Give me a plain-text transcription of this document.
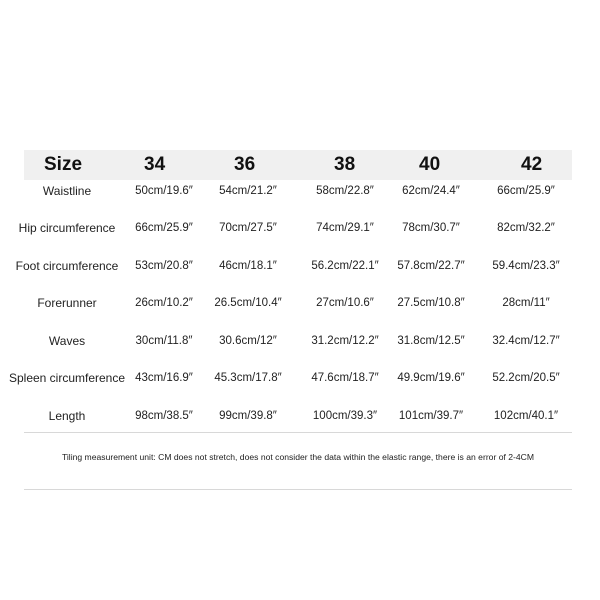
Size	34	36	38	40	42
Waistline	50cm/19.6″ 54cm/21.2″	58cm/22.8″ 62cm/24.4″	66cm/25.9″
Hip circumference 66cm/25.9″ 70cm/27.5″	74cm/29.1″ 78cm/30.7″	82cm/32.2″
Foot circumference 53cm/20.8″ 46cm/18.1″	56.2cm/22.1″ 57.8cm/22.7″ 59.4cm/23.3″
Forerunner	26cm/10.2″ 26.5cm/10.4″	27cm/10.6″ 27.5cm/10.8″	28cm/11″
Waves	30cm/11.8″ 30.6cm/12″	31.2cm/12.2″ 31.8cm/12.5″ 32.4cm/12.7″
Spleen circumference 43cm/16.9″ 45.3cm/17.8″	47.6cm/18.7″ 49.9cm/19.6″ 52.2cm/20.5″
Length	98cm/38.5″ 99cm/39.8″	100cm/39.3″ 101cm/39.7″	102cm/40.1″
Tiling measurement unit: CM does not stretch, does not consider the data within the elastic range, there is an error of 2-4CM
